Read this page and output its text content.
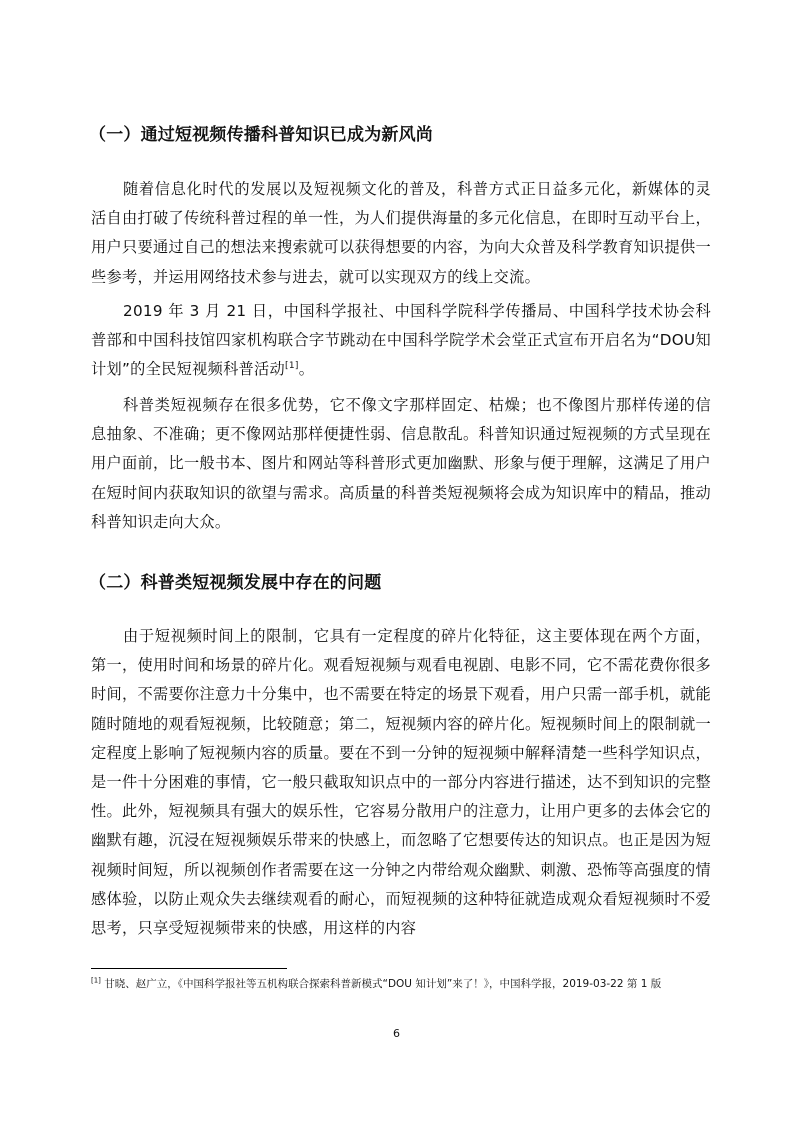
（一）通过短视频传播科普知识已成为新风尚

随着信息化时代的发展以及短视频文化的普及，科普方式正日益多元化，新媒体的灵活自由打破了传统科普过程的单一性，为人们提供海量的多元化信息，在即时互动平台上，用户只要通过自己的想法来搜索就可以获得想要的内容，为向大众普及科学教育知识提供一些参考，并运用网络技术参与进去，就可以实现双方的线上交流。

2019 年 3 月 21 日，中国科学报社、中国科学院科学传播局、中国科学技术协会科普部和中国科技馆四家机构联合字节跳动在中国科学院学术会堂正式宣布开启名为“DOU知计划”的全民短视频科普活动[1]。

科普类短视频存在很多优势，它不像文字那样固定、枯燥；也不像图片那样传递的信息抽象、不准确；更不像网站那样便捷性弱、信息散乱。科普知识通过短视频的方式呈现在用户面前，比一般书本、图片和网站等科普形式更加幽默、形象与便于理解，这满足了用户在短时间内获取知识的欲望与需求。高质量的科普类短视频将会成为知识库中的精品，推动科普知识走向大众。

（二）科普类短视频发展中存在的问题

由于短视频时间上的限制，它具有一定程度的碎片化特征，这主要体现在两个方面，第一，使用时间和场景的碎片化。观看短视频与观看电视剧、电影不同，它不需花费你很多时间，不需要你注意力十分集中，也不需要在特定的场景下观看，用户只需一部手机，就能随时随地的观看短视频，比较随意；第二，短视频内容的碎片化。短视频时间上的限制就一定程度上影响了短视频内容的质量。要在不到一分钟的短视频中解释清楚一些科学知识点，是一件十分困难的事情，它一般只截取知识点中的一部分内容进行描述，达不到知识的完整性。此外，短视频具有强大的娱乐性，它容易分散用户的注意力，让用户更多的去体会它的幽默有趣，沉浸在短视频娱乐带来的快感上，而忽略了它想要传达的知识点。也正是因为短视频时间短，所以视频创作者需要在这一分钟之内带给观众幽默、刺激、恐怖等高强度的情感体验，以防止观众失去继续观看的耐心，而短视频的这种特征就造成观众看短视频时不爱思考，只享受短视频带来的快感，用这样的内容

[1] 甘晓、赵广立，《中国科学报社等五机构联合探索科普新模式“DOU 知计划”来了！》，中国科学报，2019-03-22 第 1 版

6
